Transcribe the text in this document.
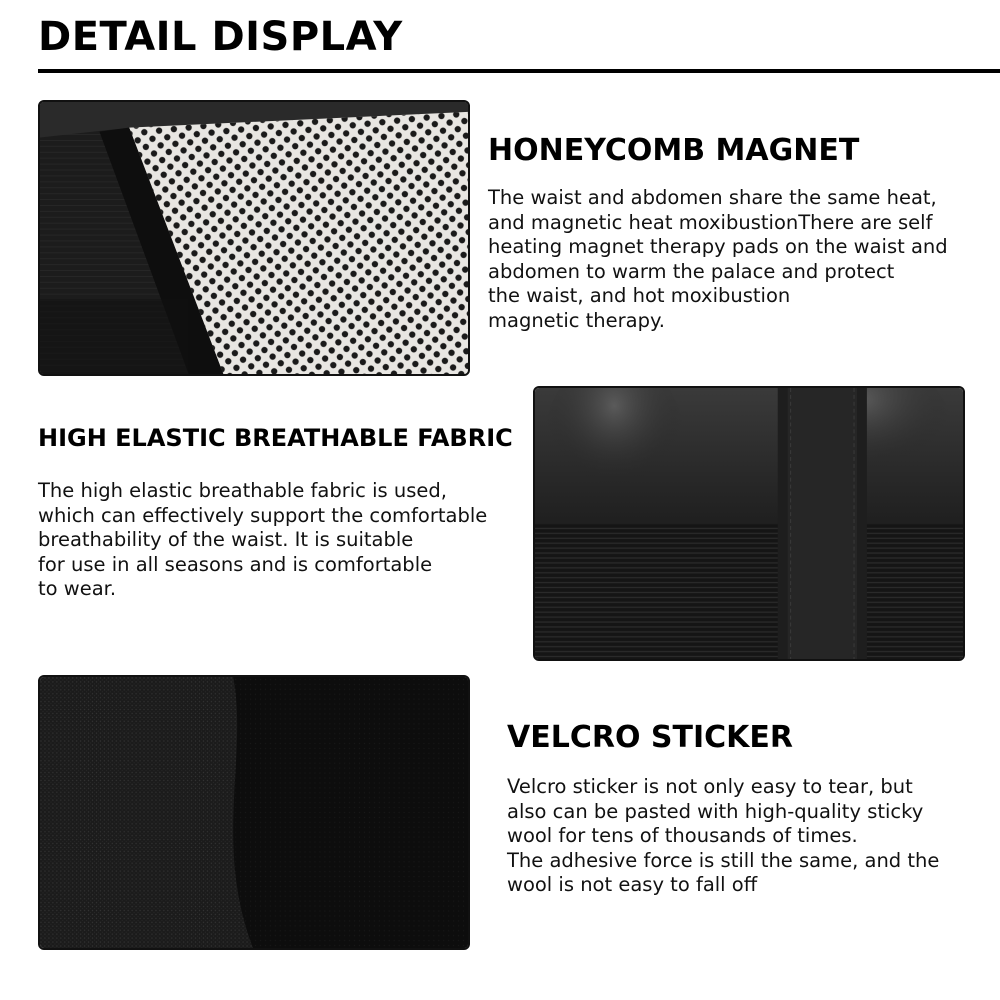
DETAIL DISPLAY
HONEYCOMB MAGNET

The waist and abdomen share the same heat,
and magnetic heat moxibustionThere are self
heating magnet therapy pads on the waist and
abdomen to warm the palace and protect
the waist, and hot moxibustion
magnetic therapy.

HIGH ELASTIC BREATHABLE FABRIC

The high elastic breathable fabric is used,
which can effectively support the comfortable
breathability of the waist. It is suitable
for use in all seasons and is comfortable
to wear.

VELCRO STICKER

Velcro sticker is not only easy to tear, but
also can be pasted with high-quality sticky
wool for tens of thousands of times.
The adhesive force is still the same, and the
wool is not easy to fall off
